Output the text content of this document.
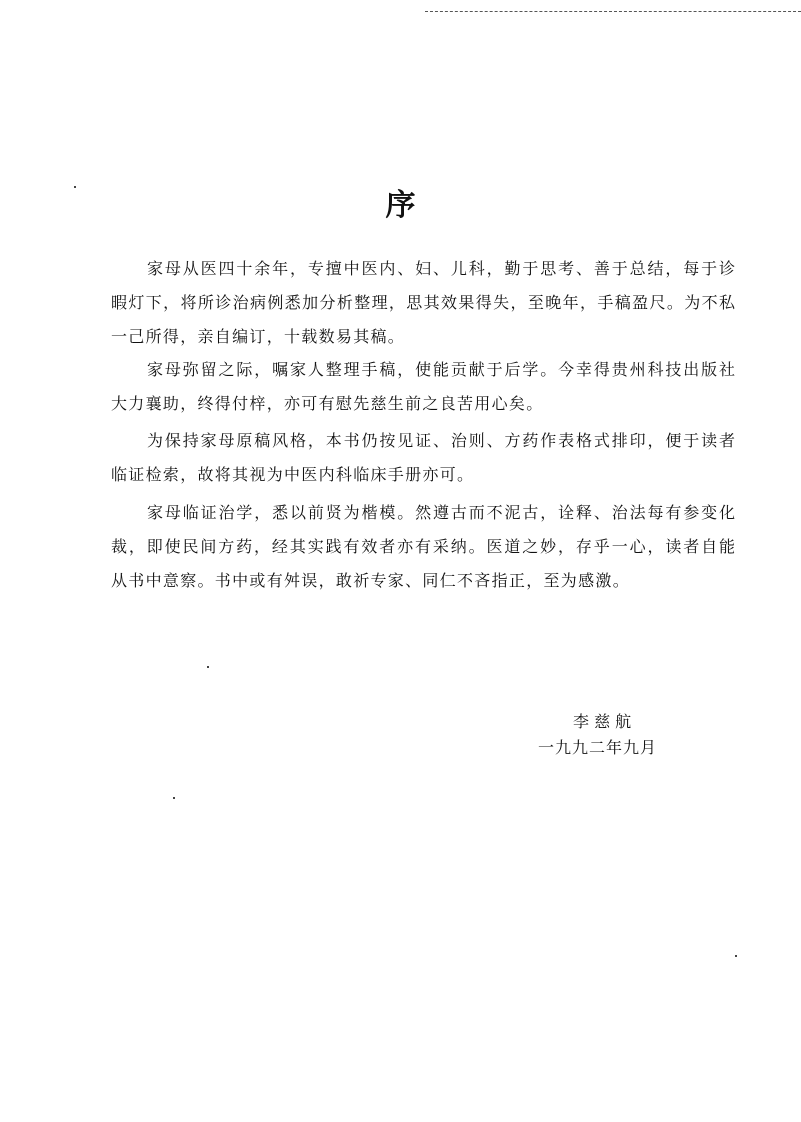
序
家母从医四十余年，专擅中医内、妇、儿科，勤于思考、善于总结，每于诊
暇灯下，将所诊治病例悉加分析整理，思其效果得失，至晚年，手稿盈尺。为不私
一己所得，亲自编订，十载数易其稿。
家母弥留之际，嘱家人整理手稿，使能贡献于后学。今幸得贵州科技出版社
大力襄助，终得付梓，亦可有慰先慈生前之良苦用心矣。
为保持家母原稿风格，本书仍按见证、治则、方药作表格式排印，便于读者
临证检索，故将其视为中医内科临床手册亦可。
家母临证治学，悉以前贤为楷模。然遵古而不泥古，诠释、治法每有参变化
裁，即使民间方药，经其实践有效者亦有采纳。医道之妙，存乎一心，读者自能
从书中意察。书中或有舛误，敢祈专家、同仁不吝指正，至为感激。
李 慈 航
一九九二年九月
